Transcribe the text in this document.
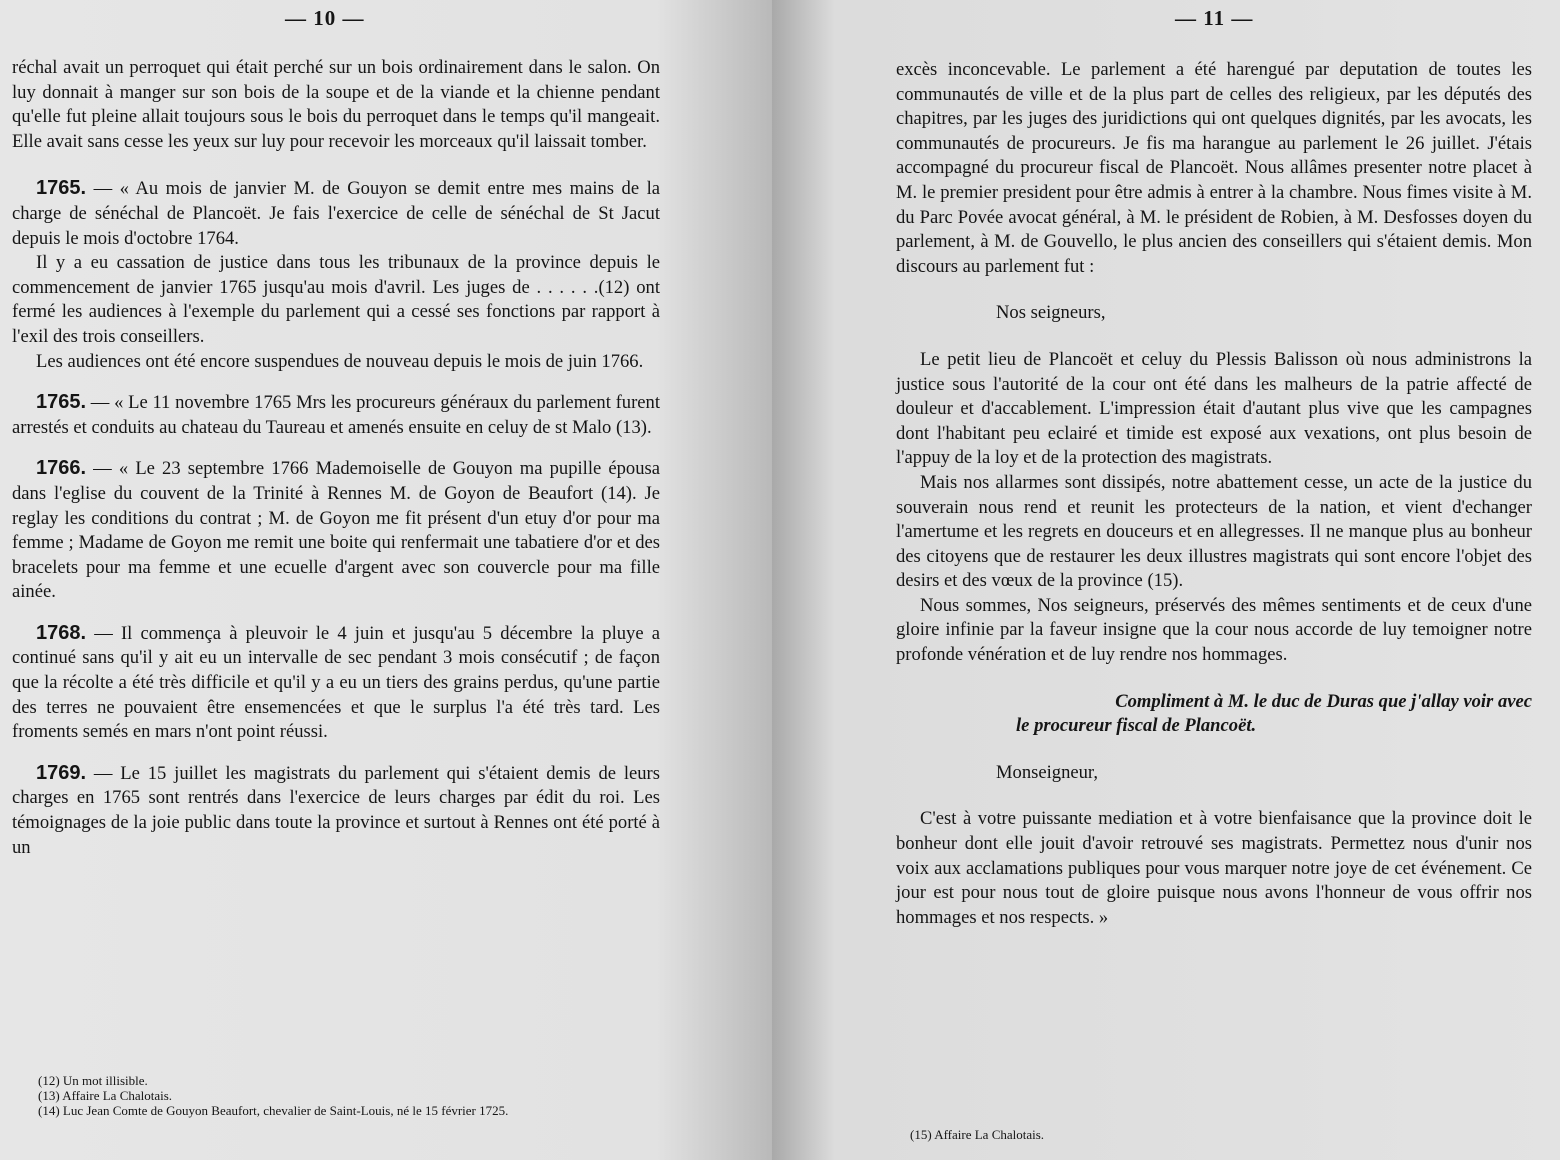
— 10 —

réchal avait un perroquet qui était perché sur un bois ordinairement dans le salon. On luy donnait à manger sur son bois de la soupe et de la viande et la chienne pendant qu'elle fut pleine allait toujours sous le bois du perroquet dans le temps qu'il mangeait. Elle avait sans cesse les yeux sur luy pour recevoir les morceaux qu'il laissait tomber.

1765. — « Au mois de janvier M. de Gouyon se demit entre mes mains de la charge de sénéchal de Plancoët. Je fais l'exercice de celle de sénéchal de St Jacut depuis le mois d'octobre 1764.

Il y a eu cassation de justice dans tous les tribunaux de la province depuis le commencement de janvier 1765 jusqu'au mois d'avril. Les juges de . . . . . .(12) ont fermé les audiences à l'exemple du parlement qui a cessé ses fonctions par rapport à l'exil des trois conseillers.

Les audiences ont été encore suspendues de nouveau depuis le mois de juin 1766.

1765. — « Le 11 novembre 1765 Mrs les procureurs généraux du parlement furent arrestés et conduits au chateau du Taureau et amenés ensuite en celuy de st Malo (13).

1766. — « Le 23 septembre 1766 Mademoiselle de Gouyon ma pupille épousa dans l'eglise du couvent de la Trinité à Rennes M. de Goyon de Beaufort (14). Je reglay les conditions du contrat ; M. de Goyon me fit présent d'un etuy d'or pour ma femme ; Madame de Goyon me remit une boite qui renfermait une tabatiere d'or et des bracelets pour ma femme et une ecuelle d'argent avec son couvercle pour ma fille ainée.

1768. — Il commença à pleuvoir le 4 juin et jusqu'au 5 décembre la pluye a continué sans qu'il y ait eu un intervalle de sec pendant 3 mois consécutif ; de façon que la récolte a été très difficile et qu'il y a eu un tiers des grains perdus, qu'une partie des terres ne pouvaient être ensemencées et que le surplus l'a été très tard. Les froments semés en mars n'ont point réussi.

1769. — Le 15 juillet les magistrats du parlement qui s'étaient demis de leurs charges en 1765 sont rentrés dans l'exercice de leurs charges par édit du roi. Les témoignages de la joie public dans toute la province et surtout à Rennes ont été porté à un

(12) Un mot illisible.

(13) Affaire La Chalotais.

(14) Luc Jean Comte de Gouyon Beaufort, chevalier de Saint-Louis, né le 15 février 1725.

— 11 —

excès inconcevable. Le parlement a été harengué par deputation de toutes les communautés de ville et de la plus part de celles des religieux, par les députés des chapitres, par les juges des juridictions qui ont quelques dignités, par les avocats, les communautés de procureurs. Je fis ma harangue au parlement le 26 juillet. J'étais accompagné du procureur fiscal de Plancoët. Nous allâmes presenter notre placet à M. le premier president pour être admis à entrer à la chambre. Nous fimes visite à M. du Parc Povée avocat général, à M. le président de Robien, à M. Desfosses doyen du parlement, à M. de Gouvello, le plus ancien des conseillers qui s'étaient demis. Mon discours au parlement fut :

Nos seigneurs,

Le petit lieu de Plancoët et celuy du Plessis Balisson où nous administrons la justice sous l'autorité de la cour ont été dans les malheurs de la patrie affecté de douleur et d'accablement. L'impression était d'autant plus vive que les campagnes dont l'habitant peu eclairé et timide est exposé aux vexations, ont plus besoin de l'appuy de la loy et de la protection des magistrats.

Mais nos allarmes sont dissipés, notre abattement cesse, un acte de la justice du souverain nous rend et reunit les protecteurs de la nation, et vient d'echanger l'amertume et les regrets en douceurs et en allegresses. Il ne manque plus au bonheur des citoyens que de restaurer les deux illustres magistrats qui sont encore l'objet des desirs et des vœux de la province (15).

Nous sommes, Nos seigneurs, préservés des mêmes sentiments et de ceux d'une gloire infinie par la faveur insigne que la cour nous accorde de luy temoigner notre profonde vénération et de luy rendre nos hommages.

Compliment à M. le duc de Duras que j'allay voir avec
le procureur fiscal de Plancoët.

Monseigneur,

C'est à votre puissante mediation et à votre bienfaisance que la province doit le bonheur dont elle jouit d'avoir retrouvé ses magistrats. Permettez nous d'unir nos voix aux acclamations publiques pour vous marquer notre joye de cet événement. Ce jour est pour nous tout de gloire puisque nous avons l'honneur de vous offrir nos hommages et nos respects. »

(15) Affaire La Chalotais.
